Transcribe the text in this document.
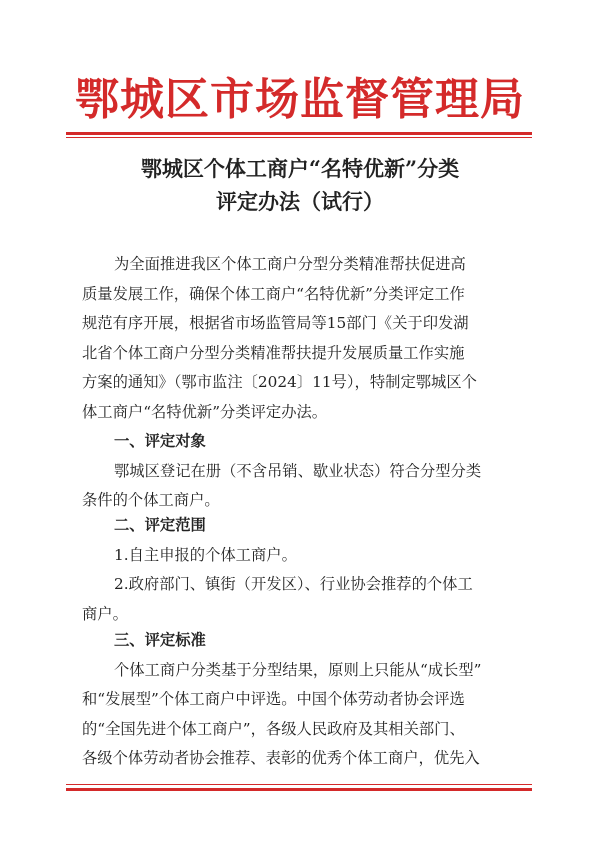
鄂城区市场监督管理局
鄂城区个体工商户“名特优新”分类
评定办法（试行）
为全面推进我区个体工商户分型分类精准帮扶促进高
质量发展工作，确保个体工商户“名特优新”分类评定工作
规范有序开展，根据省市场监管局等15部门《关于印发湖
北省个体工商户分型分类精准帮扶提升发展质量工作实施
方案的通知》（鄂市监注〔2024〕11号），特制定鄂城区个
体工商户“名特优新”分类评定办法。
一、评定对象
鄂城区登记在册（不含吊销、歇业状态）符合分型分类
条件的个体工商户。
二、评定范围
1.自主申报的个体工商户。
2.政府部门、镇街（开发区）、行业协会推荐的个体工
商户。
三、评定标准
个体工商户分类基于分型结果，原则上只能从“成长型”
和“发展型”个体工商户中评选。中国个体劳动者协会评选
的“全国先进个体工商户”，各级人民政府及其相关部门、
各级个体劳动者协会推荐、表彰的优秀个体工商户，优先入
